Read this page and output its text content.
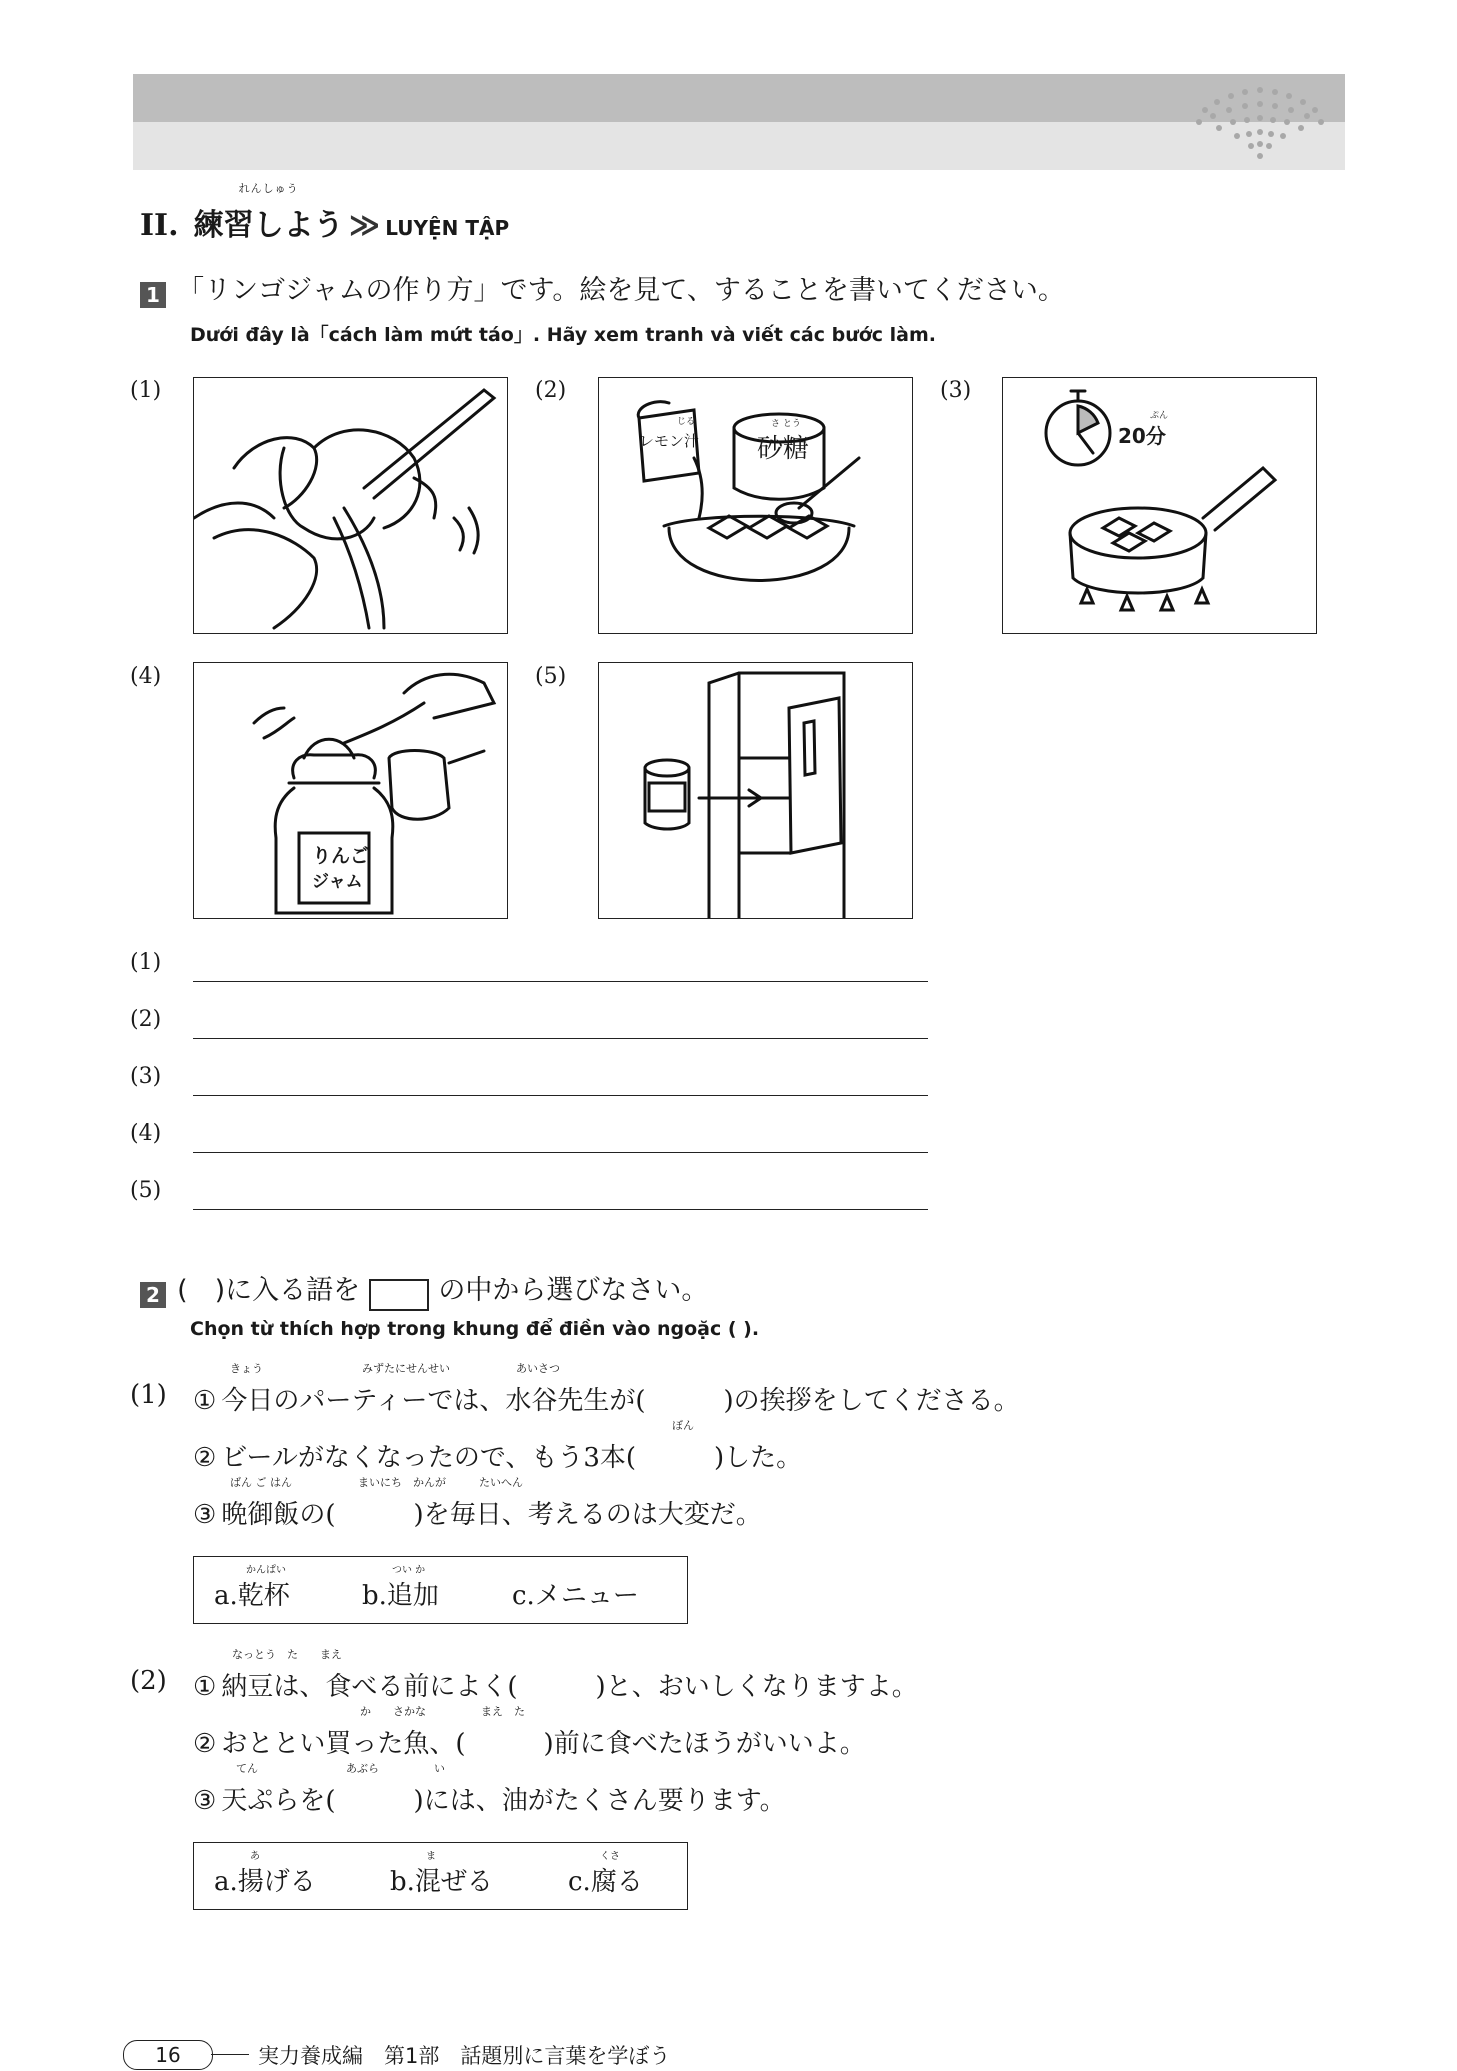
II.
れんしゅう
練習しよう ≫ LUYỆN TẬP
1 「リンゴジャムの作り方」です。絵を見て、することを書いてください。
Dưới đây là「cách làm mứt táo」. Hãy xem tranh và viết các bước làm.
(1)	(2)
レモン汁
じる
砂糖
さ とう
(3)
20分
ぷん
(4)
りんご
ジャム
(5)
(1)
(2)
(3)
(4)
(5)
2 (　)に入る語を	の中から選びなさい。
Chọn từ thích hợp trong khung để điền vào ngoặc ( ).
(1) ① 今日のパーティーでは、水谷先生が(　　　)の挨拶をしてくださる。
きょう　　　　　　　　　みずたにせんせい　　　　　　あいさつ
② ビールがなくなったので、もう3本(　　　)した。
ぼん
③ 晩御飯の(　　　)を毎日、考えるのは大変だ。
ばん ご はん　　　　　　まいにち　かんが　　　たいへん
a.乾杯	b.追加	c.メニュー
かんぱい	つい か
(2) ① 納豆は、食べる前によく(　　　)と、おいしくなりますよ。
なっとう　た　　まえ
② おととい買った魚、(　　　)前に食べたほうがいいよ。
か　　さかな　　　　　まえ　た
③ 天ぷらを(　　　)には、油がたくさん要ります。
てん　　　　　　　　あぶら　　　　　い
a.揚げる	b.混ぜる	c.腐る
あ	ま	くさ
16	実力養成編　第1部　話題別に言葉を学ぼう
